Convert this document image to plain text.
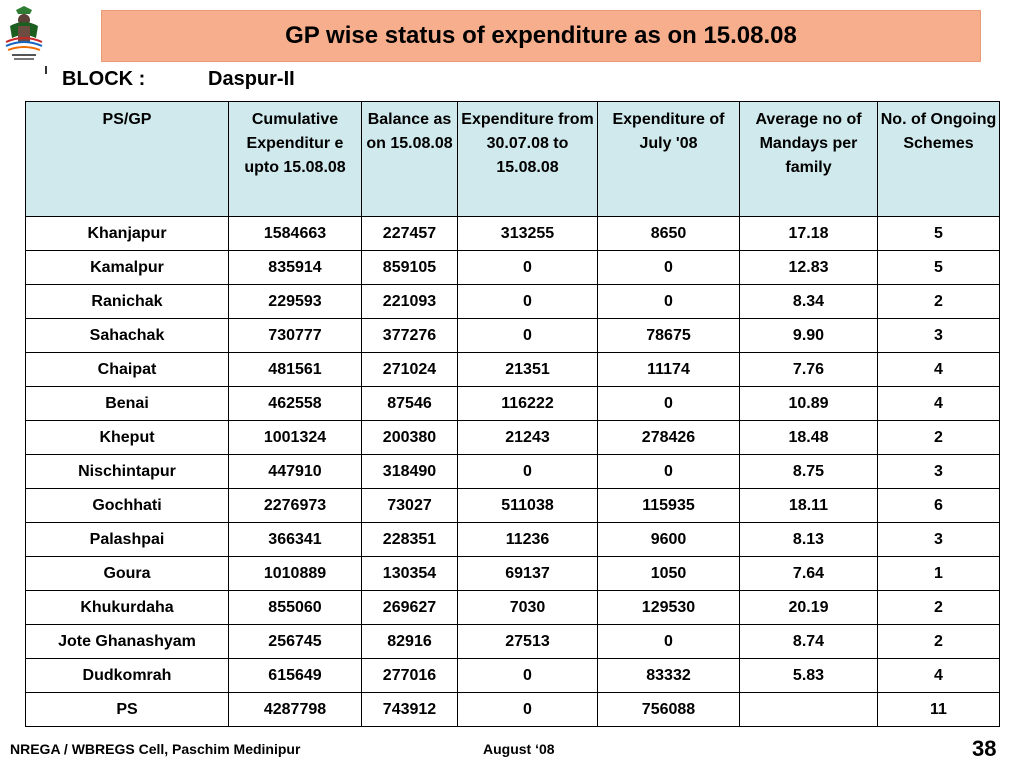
GP wise status of expenditure as on 15.08.08
BLOCK :	Daspur-II
PS/GP	Cumulative Expenditur e upto 15.08.08	Balance as on 15.08.08	Expenditure from 30.07.08 to 15.08.08	Expenditure of July '08	Average no of Mandays per family	No. of Ongoing Schemes
Khanjapur	1584663	227457	313255	8650	17.18	5
Kamalpur	835914	859105	0	0	12.83	5
Ranichak	229593	221093	0	0	8.34	2
Sahachak	730777	377276	0	78675	9.90	3
Chaipat	481561	271024	21351	11174	7.76	4
Benai	462558	87546	116222	0	10.89	4
Kheput	1001324	200380	21243	278426	18.48	2
Nischintapur	447910	318490	0	0	8.75	3
Gochhati	2276973	73027	511038	115935	18.11	6
Palashpai	366341	228351	11236	9600	8.13	3
Goura	1010889	130354	69137	1050	7.64	1
Khukurdaha	855060	269627	7030	129530	20.19	2
Jote Ghanashyam	256745	82916	27513	0	8.74	2
Dudkomrah	615649	277016	0	83332	5.83	4
PS	4287798	743912	0	756088		11
NREGA / WBREGS Cell, Paschim Medinipur	August ‘08	38
